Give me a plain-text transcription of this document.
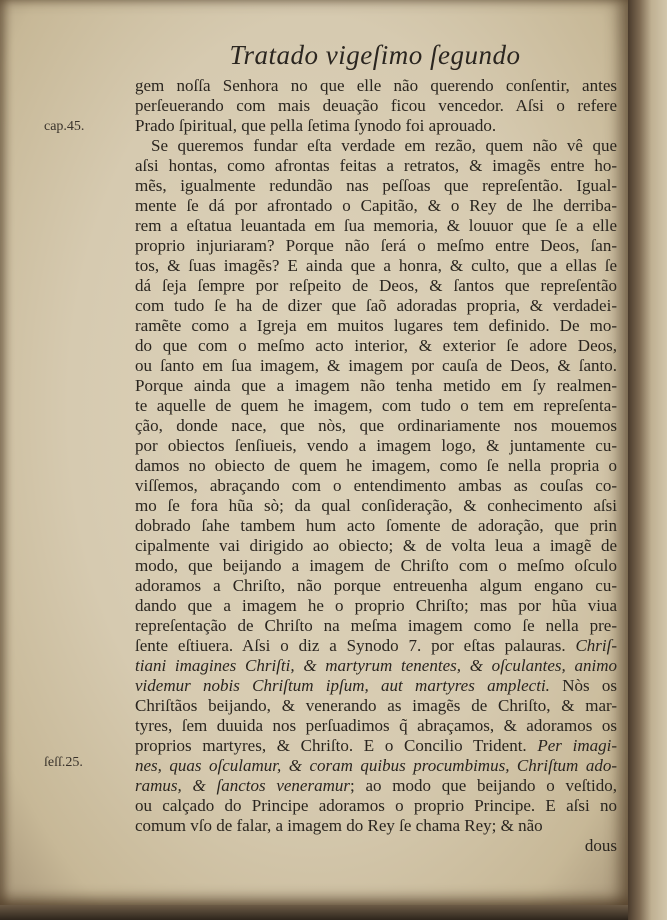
Tratado vigeſimo ſegundo
cap.45.
ſeſſ.25.
gem noſſa Senhora no que elle não querendo conſentir, antes
perſeuerando com mais deuação ficou vencedor. Aſsi o refere
Prado ſpiritual, que pella ſetima ſynodo foi aprouado.
Se queremos fundar eſta verdade em rezão, quem não vê que
aſsi hontas, como afrontas feitas a retratos, & imagẽs entre ho-
mẽs, igualmente redundão nas peſſoas que repreſentão. Igual-
mente ſe dá por afrontado o Capitão, & o Rey de lhe derriba-
rem a eſtatua leuantada em ſua memoria, & louuor que ſe a elle
proprio injuriaram? Porque não ſerá o meſmo entre Deos, ſan-
tos, & ſuas imagẽs? E ainda que a honra, & culto, que a ellas ſe
dá ſeja ſempre por reſpeito de Deos, & ſantos que repreſentão
com tudo ſe ha de dizer que ſaõ adoradas propria, & verdadei-
ramẽte como a Igreja em muitos lugares tem definido. De mo-
do que com o meſmo acto interior, & exterior ſe adore Deos,
ou ſanto em ſua imagem, & imagem por cauſa de Deos, & ſanto.
Porque ainda que a imagem não tenha metido em ſy realmen-
te aquelle de quem he imagem, com tudo o tem em repreſenta-
ção, donde nace, que nòs, que ordinariamente nos mouemos
por obiectos ſenſiueis, vendo a imagem logo, & juntamente cu-
damos no obiecto de quem he imagem, como ſe nella propria o
viſſemos, abraçando com o entendimento ambas as couſas co-
mo ſe fora hũa sò; da qual conſideração, & conhecimento aſsi
dobrado ſahe tambem hum acto ſomente de adoração, que prin
cipalmente vai dirigido ao obiecto; & de volta leua a imagẽ de
modo, que beijando a imagem de Chriſto com o meſmo oſculo
adoramos a Chriſto, não porque entreuenha algum engano cu-
dando que a imagem he o proprio Chriſto; mas por hũa viua
repreſentação de Chriſto na meſma imagem como ſe nella pre-
ſente eſtiuera. Aſsi o diz a Synodo 7. por eſtas palauras. Chriſ-
tiani imagines Chriſti, & martyrum tenentes, & oſculantes, animo
videmur nobis Chriſtum ipſum, aut martyres amplecti. Nòs os
Chriſtãos beijando, & venerando as imagẽs de Chriſto, & mar-
tyres, ſem duuida nos perſuadimos q̃ abraçamos, & adoramos os
proprios martyres, & Chriſto. E o Concilio Trident. Per imagi-
nes, quas oſculamur, & coram quibus procumbimus, Chriſtum ado-
ramus, & ſanctos veneramur; ao modo que beijando o veſtido,
ou calçado do Principe adoramos o proprio Principe. E aſsi no
comum vſo de falar, a imagem do Rey ſe chama Rey; & não
dous
